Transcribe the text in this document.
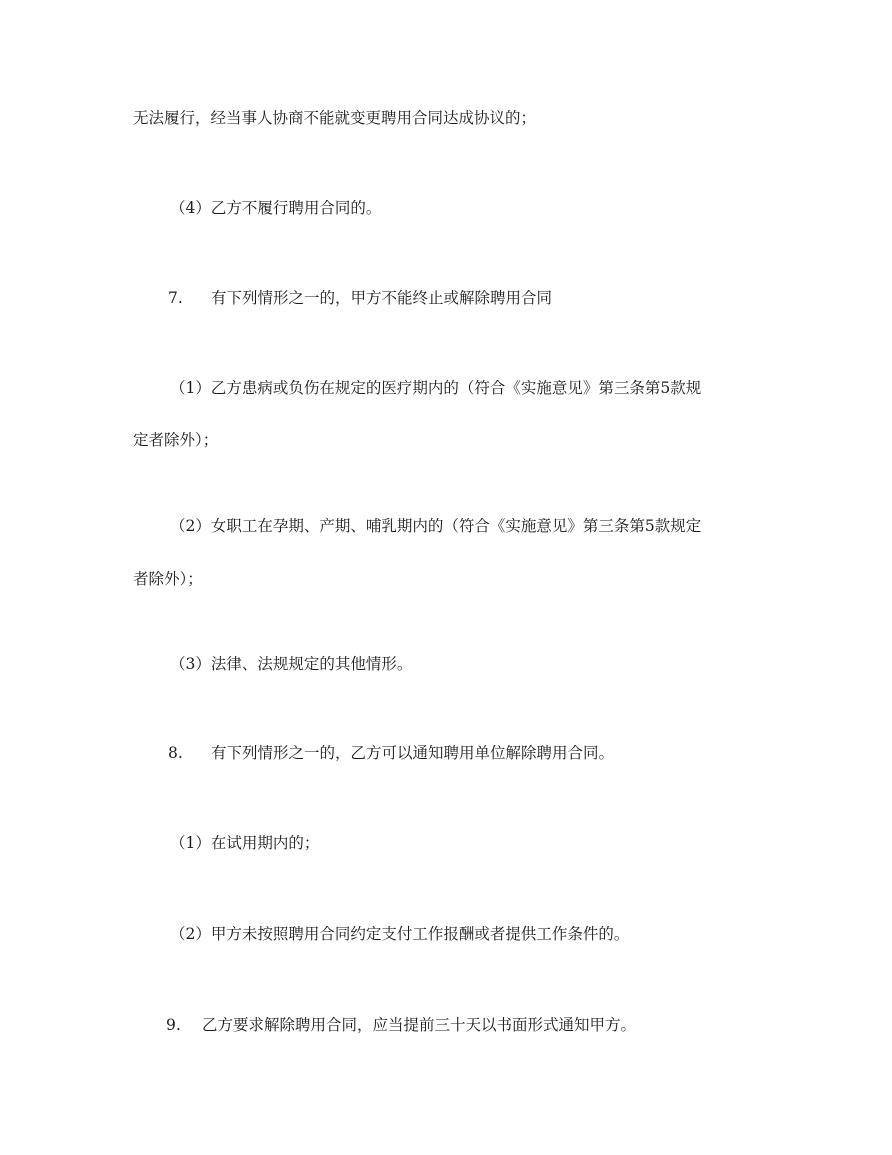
无法履行，经当事人协商不能就变更聘用合同达成协议的；
（4）乙方不履行聘用合同的。
7. 有下列情形之一的，甲方不能终止或解除聘用合同
（1）乙方患病或负伤在规定的医疗期内的（符合《实施意见》第三条第5款规
定者除外）；
（2）女职工在孕期、产期、哺乳期内的（符合《实施意见》第三条第5款规定
者除外）；
（3）法律、法规规定的其他情形。
8. 有下列情形之一的，乙方可以通知聘用单位解除聘用合同。
（1）在试用期内的；
（2）甲方未按照聘用合同约定支付工作报酬或者提供工作条件的。
9. 乙方要求解除聘用合同，应当提前三十天以书面形式通知甲方。
